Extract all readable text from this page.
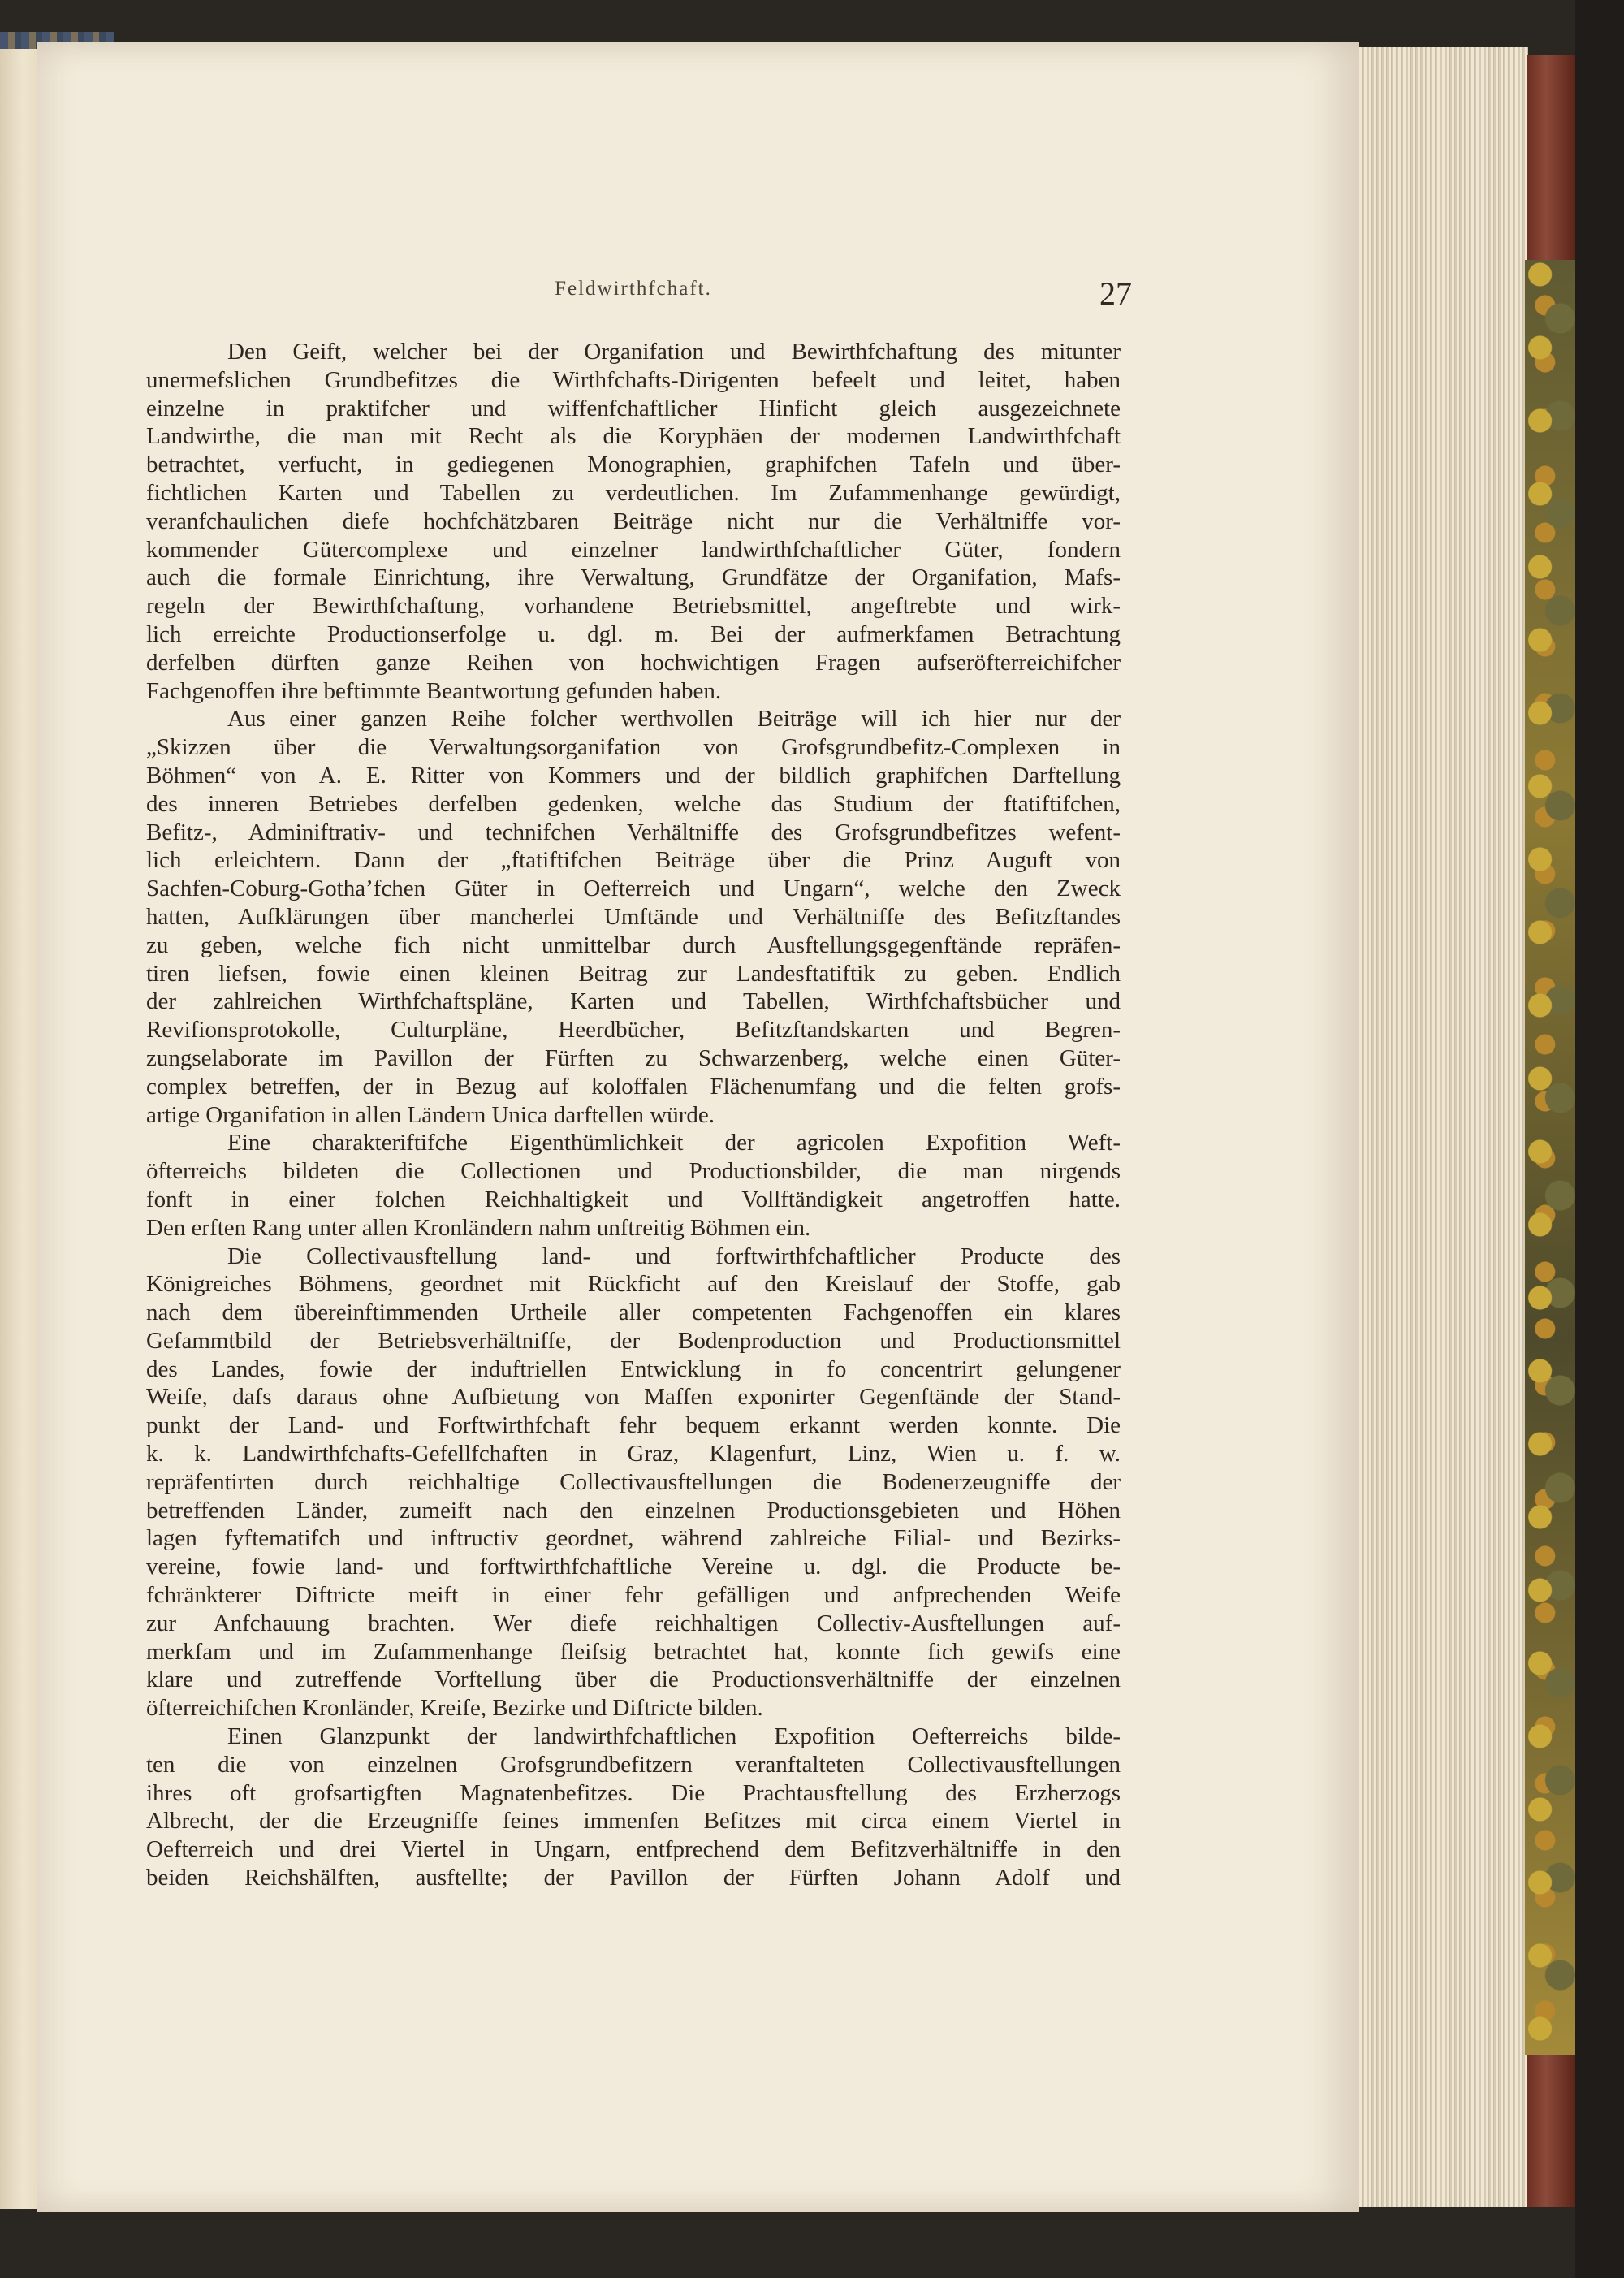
Feldwirthfchaft.	27
Den Geift, welcher bei der Organifation und Bewirthfchaftung des mitunter
unermefslichen Grundbefitzes die Wirthfchafts-Dirigenten befeelt und leitet, haben
einzelne in praktifcher und wiffenfchaftlicher Hinficht gleich ausgezeichnete
Landwirthe, die man mit Recht als die Koryphäen der modernen Landwirthfchaft
betrachtet, verfucht, in gediegenen Monographien, graphifchen Tafeln und über-
fichtlichen Karten und Tabellen zu verdeutlichen. Im Zufammenhange gewürdigt,
veranfchaulichen diefe hochfchätzbaren Beiträge nicht nur die Verhältniffe vor-
kommender Gütercomplexe und einzelner landwirthfchaftlicher Güter, fondern
auch die formale Einrichtung, ihre Verwaltung, Grundfätze der Organifation, Mafs-
regeln der Bewirthfchaftung, vorhandene Betriebsmittel, angeftrebte und wirk-
lich erreichte Productionserfolge u. dgl. m. Bei der aufmerkfamen Betrachtung
derfelben dürften ganze Reihen von hochwichtigen Fragen aufseröfterreichifcher
Fachgenoffen ihre beftimmte Beantwortung gefunden haben.
Aus einer ganzen Reihe folcher werthvollen Beiträge will ich hier nur der
„Skizzen über die Verwaltungsorganifation von Grofsgrundbefitz-Complexen in
Böhmen“ von A. E. Ritter von Kommers und der bildlich graphifchen Darftellung
des inneren Betriebes derfelben gedenken, welche das Studium der ftatiftifchen,
Befitz-, Adminiftrativ- und technifchen Verhältniffe des Grofsgrundbefitzes wefent-
lich erleichtern. Dann der „ftatiftifchen Beiträge über die Prinz Auguft von
Sachfen-Coburg-Gotha’fchen Güter in Oefterreich und Ungarn“, welche den Zweck
hatten, Aufklärungen über mancherlei Umftände und Verhältniffe des Befitzftandes
zu geben, welche fich nicht unmittelbar durch Ausftellungsgegenftände repräfen-
tiren liefsen, fowie einen kleinen Beitrag zur Landesftatiftik zu geben. Endlich
der zahlreichen Wirthfchaftspläne, Karten und Tabellen, Wirthfchaftsbücher und
Revifionsprotokolle, Culturpläne, Heerdbücher, Befitzftandskarten und Begren-
zungselaborate im Pavillon der Fürften zu Schwarzenberg, welche einen Güter-
complex betreffen, der in Bezug auf koloffalen Flächenumfang und die felten grofs-
artige Organifation in allen Ländern Unica darftellen würde.
Eine charakteriftifche Eigenthümlichkeit der agricolen Expofition Weft-
öfterreichs bildeten die Collectionen und Productionsbilder, die man nirgends
fonft in einer folchen Reichhaltigkeit und Vollftändigkeit angetroffen hatte.
Den erften Rang unter allen Kronländern nahm unftreitig Böhmen ein.
Die Collectivausftellung land- und forftwirthfchaftlicher Producte des
Königreiches Böhmens, geordnet mit Rückficht auf den Kreislauf der Stoffe, gab
nach dem übereinftimmenden Urtheile aller competenten Fachgenoffen ein klares
Gefammtbild der Betriebsverhältniffe, der Bodenproduction und Productionsmittel
des Landes, fowie der induftriellen Entwicklung in fo concentrirt gelungener
Weife, dafs daraus ohne Aufbietung von Maffen exponirter Gegenftände der Stand-
punkt der Land- und Forftwirthfchaft fehr bequem erkannt werden konnte. Die
k. k. Landwirthfchafts-Gefellfchaften in Graz, Klagenfurt, Linz, Wien u. f. w.
repräfentirten durch reichhaltige Collectivausftellungen die Bodenerzeugniffe der
betreffenden Länder, zumeift nach den einzelnen Productionsgebieten und Höhen
lagen fyftematifch und inftructiv geordnet, während zahlreiche Filial- und Bezirks-
vereine, fowie land- und forftwirthfchaftliche Vereine u. dgl. die Producte be-
fchränkterer Diftricte meift in einer fehr gefälligen und anfprechenden Weife
zur Anfchauung brachten. Wer diefe reichhaltigen Collectiv-Ausftellungen auf-
merkfam und im Zufammenhange fleifsig betrachtet hat, konnte fich gewifs eine
klare und zutreffende Vorftellung über die Productionsverhältniffe der einzelnen
öfterreichifchen Kronländer, Kreife, Bezirke und Diftricte bilden.
Einen Glanzpunkt der landwirthfchaftlichen Expofition Oefterreichs bilde-
ten die von einzelnen Grofsgrundbefitzern veranftalteten Collectivausftellungen
ihres oft grofsartigften Magnatenbefitzes. Die Prachtausftellung des Erzherzogs
Albrecht, der die Erzeugniffe feines immenfen Befitzes mit circa einem Viertel in
Oefterreich und drei Viertel in Ungarn, entfprechend dem Befitzverhältniffe in den
beiden Reichshälften, ausftellte; der Pavillon der Fürften Johann Adolf und
